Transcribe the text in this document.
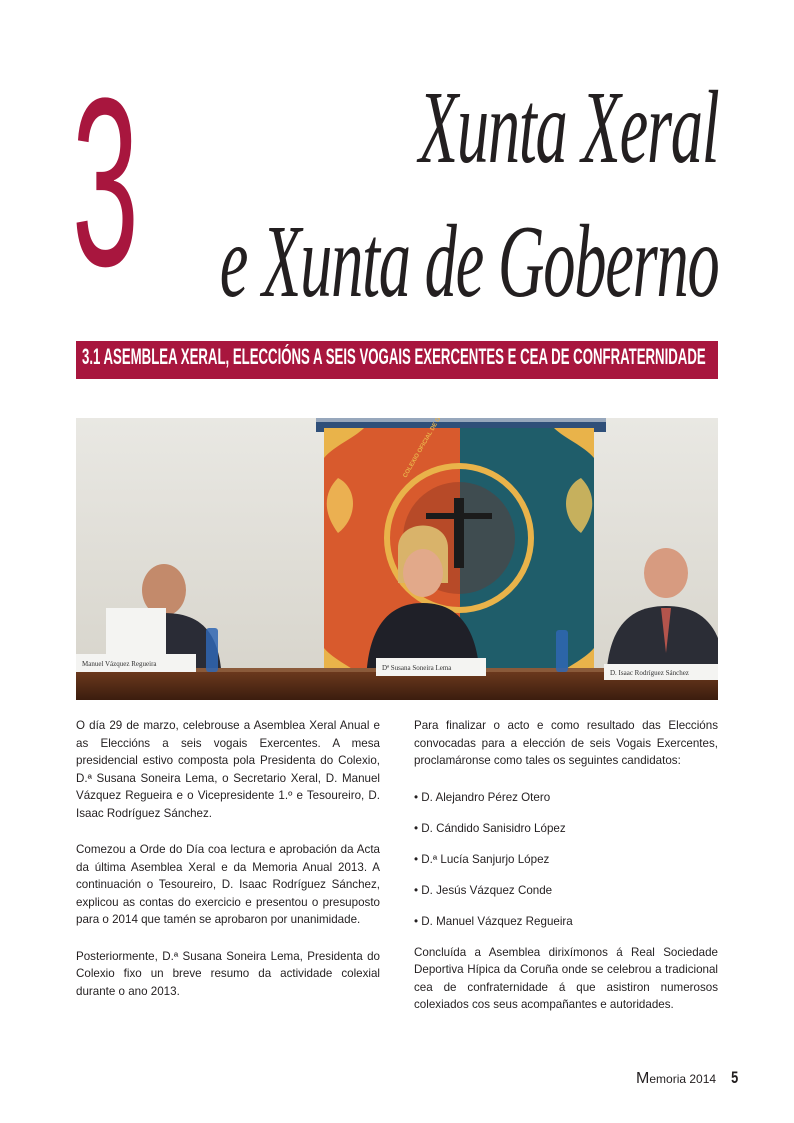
3	Xunta Xeral
e Xunta de Goberno
3.1 ASEMBLEA XERAL, ELECCIÓNS A SEIS VOGAIS EXERCENTES E CEA DE CONFRATERNIDADE
Manuel Vázquez Regueira	Dª Susana Soneira Lema
D. Isaac Rodríguez Sánchez
COLEXIO OFICIAL DE

O día 29 de marzo, celebrouse a Asemblea Xeral Anual e as Eleccións a seis vogais Exercentes. A mesa presidencial estivo composta pola Presidenta do Colexio, D.ª Susana Soneira Lema, o Secretario Xeral, D. Manuel Vázquez Regueira e o Vicepresidente 1.º e Tesoureiro, D. Isaac Rodríguez Sánchez.

Comezou a Orde do Día coa lectura e aprobación da Acta da última Asemblea Xeral e da Memoria Anual 2013. A continuación o Tesoureiro, D. Isaac Rodríguez Sánchez, explicou as contas do exercicio e presentou o presuposto para o 2014 que tamén se aprobaron por unanimidade.

Posteriormente, D.ª Susana Soneira Lema, Presidenta do Colexio fixo un breve resumo da actividade colexial durante o ano 2013.

Para finalizar o acto e como resultado das Eleccións convocadas para a elección de seis Vogais Exercentes, proclamáronse como tales os seguintes candidatos:

• D. Alejandro Pérez Otero
• D. Cándido Sanisidro López
• D.ª Lucía Sanjurjo López
• D. Jesús Vázquez Conde
• D. Manuel Vázquez Regueira

Concluída a Asemblea dirixímonos á Real Sociedade Deportiva Hípica da Coruña onde se celebrou a tradicional cea de confraternidade á que asistiron numerosos colexiados cos seus acompañantes e autoridades.

Memoria 2014 5
